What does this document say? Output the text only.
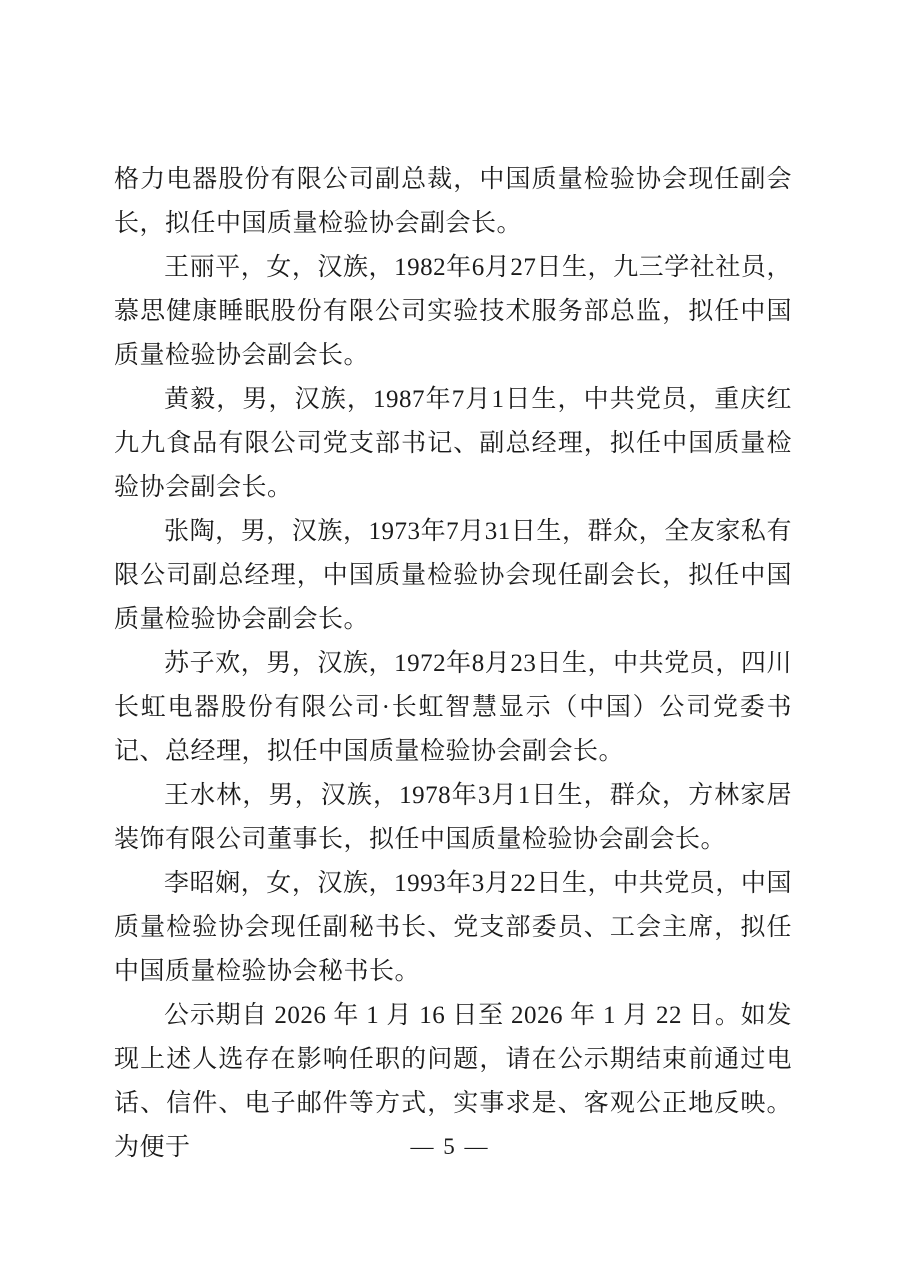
格力电器股份有限公司副总裁，中国质量检验协会现任副会长，拟任中国质量检验协会副会长。

王丽平，女，汉族，1982年6月27日生，九三学社社员，慕思健康睡眠股份有限公司实验技术服务部总监，拟任中国质量检验协会副会长。

黄毅，男，汉族，1987年7月1日生，中共党员，重庆红九九食品有限公司党支部书记、副总经理，拟任中国质量检验协会副会长。

张陶，男，汉族，1973年7月31日生，群众，全友家私有限公司副总经理，中国质量检验协会现任副会长，拟任中国质量检验协会副会长。

苏子欢，男，汉族，1972年8月23日生，中共党员，四川长虹电器股份有限公司·长虹智慧显示（中国）公司党委书记、总经理，拟任中国质量检验协会副会长。

王水林，男，汉族，1978年3月1日生，群众，方林家居装饰有限公司董事长，拟任中国质量检验协会副会长。

李昭娴，女，汉族，1993年3月22日生，中共党员，中国质量检验协会现任副秘书长、党支部委员、工会主席，拟任中国质量检验协会秘书长。

公示期自 2026 年 1 月 16 日至 2026 年 1 月 22 日。如发现上述人选存在影响任职的问题，请在公示期结束前通过电话、信件、电子邮件等方式，实事求是、客观公正地反映。为便于	— 5 —
